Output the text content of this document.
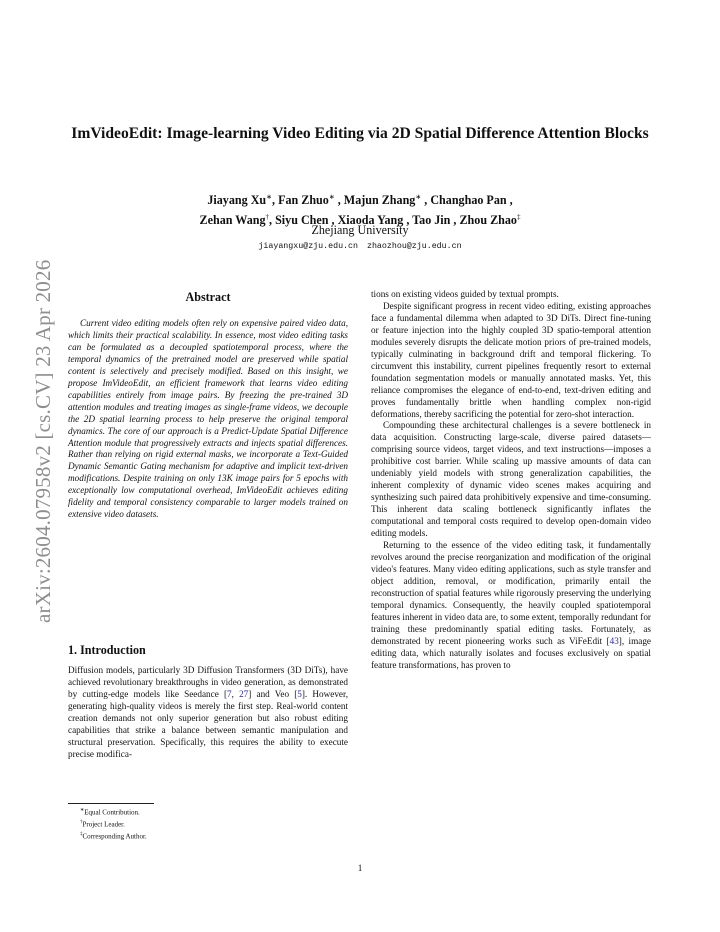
arXiv:2604.07958v2 [cs.CV] 23 Apr 2026
ImVideoEdit: Image-learning Video Editing via 2D Spatial Difference Attention Blocks
Jiayang Xu∗, Fan Zhuo∗ , Majun Zhang∗ , Changhao Pan ,
Zehan Wang†, Siyu Chen , Xiaoda Yang , Tao Jin , Zhou Zhao‡
Zhejiang University
jiayangxu@zju.edu.cn zhaozhou@zju.edu.cn
Abstract

Current video editing models often rely on expensive paired video data, which limits their practical scalability. In essence, most video editing tasks can be formulated as a decoupled spatiotemporal process, where the temporal dynamics of the pretrained model are preserved while spatial content is selectively and precisely modified. Based on this insight, we propose ImVideoEdit, an efficient framework that learns video editing capabilities entirely from image pairs. By freezing the pre-trained 3D attention modules and treating images as single-frame videos, we decouple the 2D spatial learning process to help preserve the original temporal dynamics. The core of our approach is a Predict-Update Spatial Difference Attention module that progressively extracts and injects spatial differences. Rather than relying on rigid external masks, we incorporate a Text-Guided Dynamic Semantic Gating mechanism for adaptive and implicit text-driven modifications. Despite training on only 13K image pairs for 5 epochs with exceptionally low computational overhead, ImVideoEdit achieves editing fidelity and temporal consistency comparable to larger models trained on extensive video datasets.

1. Introduction

Diffusion models, particularly 3D Diffusion Transformers (3D DiTs), have achieved revolutionary breakthroughs in video generation, as demonstrated by cutting-edge models like Seedance [7, 27] and Veo [5]. However, generating high-quality videos is merely the first step. Real-world content creation demands not only superior generation but also robust editing capabilities that strike a balance between semantic manipulation and structural preservation. Specifically, this requires the ability to execute precise modifica-

tions on existing videos guided by textual prompts.

Despite significant progress in recent video editing, existing approaches face a fundamental dilemma when adapted to 3D DiTs. Direct fine-tuning or feature injection into the highly coupled 3D spatio-temporal attention modules severely disrupts the delicate motion priors of pre-trained models, typically culminating in background drift and temporal flickering. To circumvent this instability, current pipelines frequently resort to external foundation segmentation models or manually annotated masks. Yet, this reliance compromises the elegance of end-to-end, text-driven editing and proves fundamentally brittle when handling complex non-rigid deformations, thereby sacrificing the potential for zero-shot interaction.

Compounding these architectural challenges is a severe bottleneck in data acquisition. Constructing large-scale, diverse paired datasets—comprising source videos, target videos, and text instructions—imposes a prohibitive cost barrier. While scaling up massive amounts of data can undeniably yield models with strong generalization capabilities, the inherent complexity of dynamic video scenes makes acquiring and synthesizing such paired data prohibitively expensive and time-consuming. This inherent data scaling bottleneck significantly inflates the computational and temporal costs required to develop open-domain video editing models.

Returning to the essence of the video editing task, it fundamentally revolves around the precise reorganization and modification of the original video's features. Many video editing applications, such as style transfer and object addition, removal, or modification, primarily entail the reconstruction of spatial features while rigorously preserving the underlying temporal dynamics. Consequently, the heavily coupled spatiotemporal features inherent in video data are, to some extent, temporally redundant for training these predominantly spatial editing tasks. Fortunately, as demonstrated by recent pioneering works such as ViFeEdit [43], image editing data, which naturally isolates and focuses exclusively on spatial feature transformations, has proven to

∗Equal Contribution.
†Project Leader.
‡Corresponding Author.
1
